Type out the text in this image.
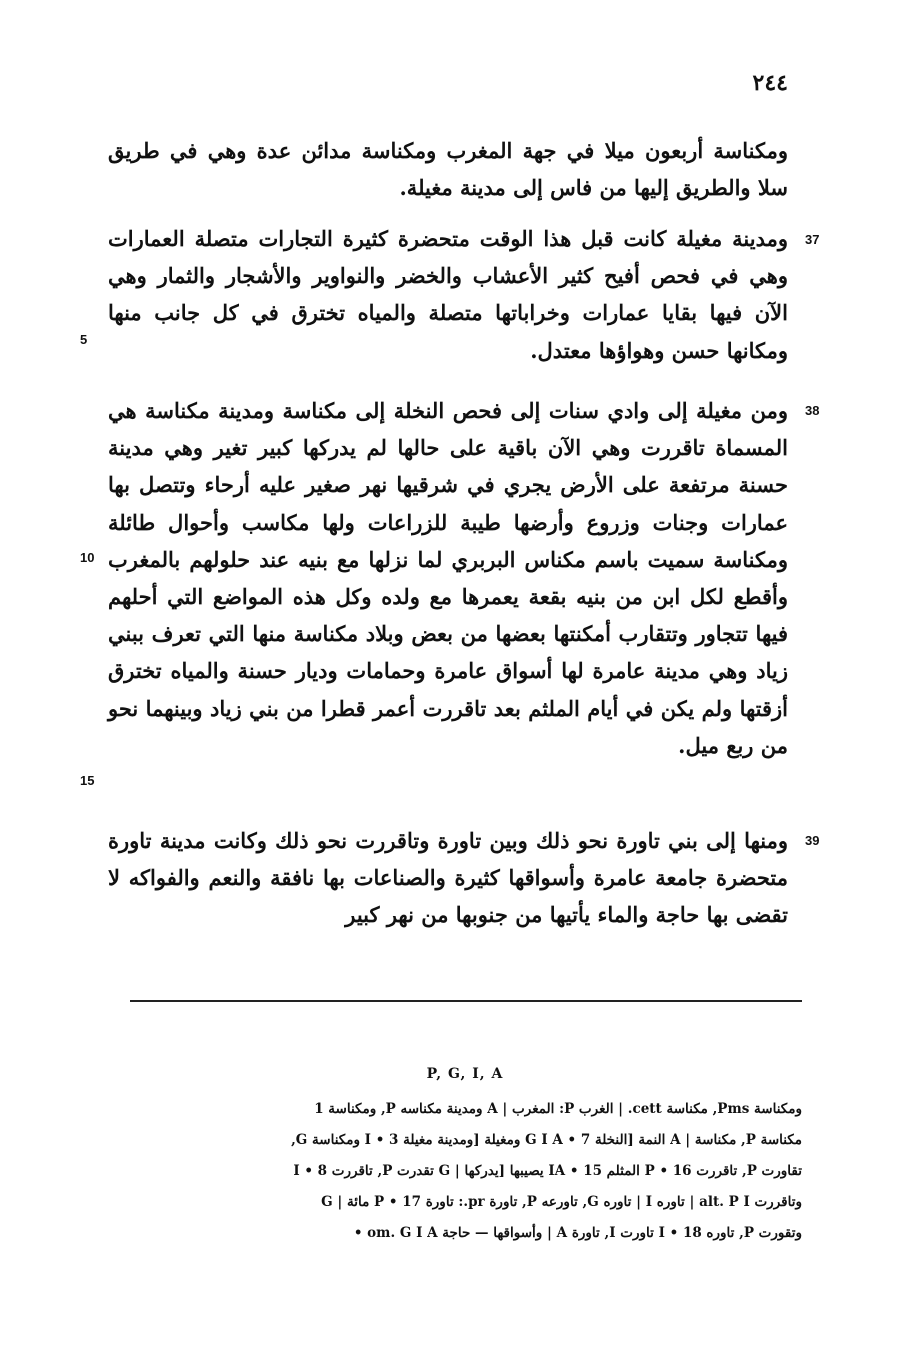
٢٤٤

ومكناسة أربعون ميلا في جهة المغرب ومكناسة مدائن عدة وهي في طريق سلا والطريق إليها من فاس إلى مدينة مغيلة.

37

ومدينة مغيلة كانت قبل هذا الوقت متحضرة كثيرة التجارات متصلة العمارات وهي في فحص أفيح كثير الأعشاب والخضر والنواوير والأشجار والثمار وهي الآن فيها بقايا عمارات وخراباتها متصلة والمياه تخترق في كل جانب منها ومكانها حسن وهواؤها معتدل.

38

ومن مغيلة إلى وادي سنات إلى فحص النخلة إلى مكناسة ومدينة مكناسة هي المسماة تاقررت وهي الآن باقية على حالها لم يدركها كبير تغير وهي مدينة حسنة مرتفعة على الأرض يجري في شرقيها نهر صغير عليه أرحاء وتتصل بها عمارات وجنات وزروع وأرضها طيبة للزراعات ولها مكاسب وأحوال طائلة ومكناسة سميت باسم مكناس البربري لما نزلها مع بنيه عند حلولهم بالمغرب وأقطع لكل ابن من بنيه بقعة يعمرها مع ولده وكل هذه المواضع التي أحلهم فيها تتجاور وتتقارب أمكنتها بعضها من بعض وبلاد مكناسة منها التي تعرف ببني زياد وهي مدينة عامرة لها أسواق عامرة وحمامات وديار حسنة والمياه تخترق أزقتها ولم يكن في أيام الملثم بعد تاقررت أعمر قطرا من بني زياد وبينهما نحو من ربع ميل.

39

ومنها إلى بني تاورة نحو ذلك وبين تاورة وتاقررت نحو ذلك وكانت مدينة تاورة متحضرة جامعة عامرة وأسواقها كثيرة والصناعات بها نافقة والنعم والفواكه لا تقضى بها حاجة والماء يأتيها من جنوبها من نهر كبير

5
10
15
P, G, I, A

ومكناسة Pms, مكناسة cett. | الغرب P: المغرب | A ومدينة مكناسه P, ومكناسة 1

مكناسة P, مكناسة | A النمة [النخلة 7 • G I A ومغيلة [ومدينة مغيلة 3 • I ومكناسة G,

تقاورت P, تاقررت 16 • P المثلم 15 • IA يصيبها [يدركها | G تقدرت P, تاقررت 8 • I

وتاقررت alt. P I | تاوره I | تاوره G, تاورعه P, تاورة pr.: تاورة 17 • P مائة | G

وتقورت P, تاوره 18 • I تاورت I, تاورة A | وأسواقها — حاجة om. G I A •
